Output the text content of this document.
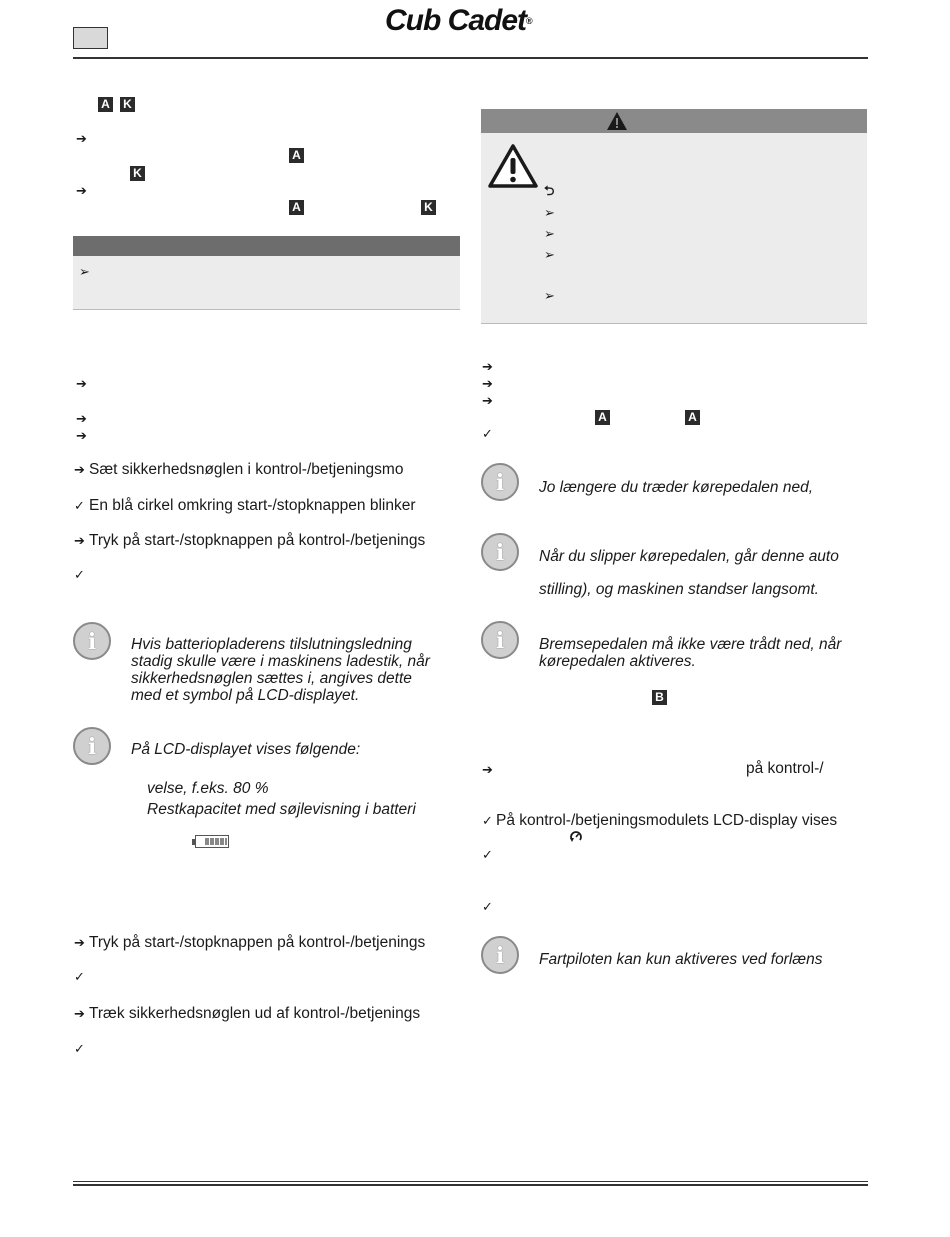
Cub Cadet®
A K
➔
A
K
➔
A	K
➢
➔
➔
➔
➔ Sæt sikkerhedsnøglen i kontrol-/betjeningsmo
✓ En blå cirkel omkring start-/stopknappen blinker
➔ Tryk på start-/stopknappen på kontrol-/betjenings
✓
i	Hvis batteriopladerens tilslutningsledning
stadig skulle være i maskinens ladestik, når
sikkerhedsnøglen sættes i, angives dette
med et symbol på LCD-displayet.
i	På LCD-displayet vises følgende:
velse, f.eks. 80 %
Restkapacitet med søjlevisning i batteri
➔ Tryk på start-/stopknappen på kontrol-/betjenings
✓
➔ Træk sikkerhedsnøglen ud af kontrol-/betjenings
✓
⮌
➢
➢
➢
➢
➔
➔
➔
A	A
✓
i	Jo længere du træder kørepedalen ned,
i	Når du slipper kørepedalen, går denne auto
stilling), og maskinen standser langsomt.
i	Bremsepedalen må ikke være trådt ned, når
kørepedalen aktiveres.
B
➔	på kontrol-/
✓ På kontrol-/betjeningsmodulets LCD-display vises
✓
✓
i	Fartpiloten kan kun aktiveres ved forlæns
